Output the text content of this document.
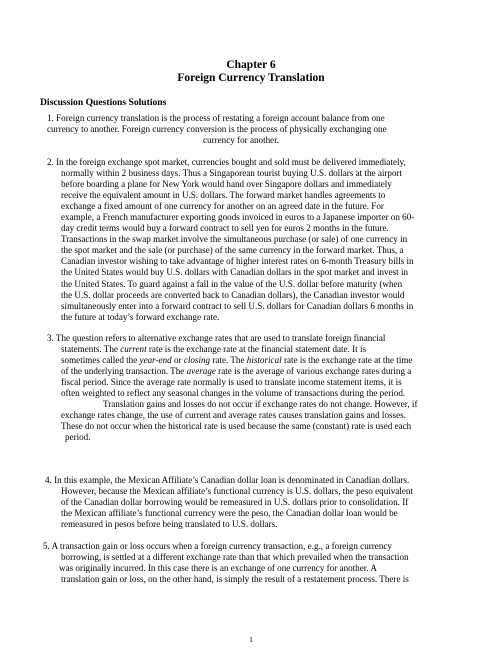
Chapter 6
Foreign Currency Translation
Discussion Questions Solutions
1. Foreign currency translation is the process of restating a foreign account balance from one
currency to another. Foreign currency conversion is the process of physically exchanging one
currency for another.
2. In the foreign exchange spot market, currencies bought and sold must be delivered immediately,
normally within 2 business days. Thus a Singaporean tourist buying U.S. dollars at the airport
before boarding a plane for New York would hand over Singapore dollars and immediately
receive the equivalent amount in U.S. dollars. The forward market handles agreements to
exchange a fixed amount of one currency for another on an agreed date in the future. For
example, a French manufacturer exporting goods invoiced in euros to a Japanese importer on 60-
day credit terms would buy a forward contract to sell yen for euros 2 months in the future.
Transactions in the swap market involve the simultaneous purchase (or sale) of one currency in
the spot market and the sale (or purchase) of the same currency in the forward market. Thus, a
Canadian investor wishing to take advantage of higher interest rates on 6-month Treasury bills in
the United States would buy U.S. dollars with Canadian dollars in the spot market and invest in
the United States. To guard against a fall in the value of the U.S. dollar before maturity (when
the U.S. dollar proceeds are converted back to Canadian dollars), the Canadian investor would
simultaneously enter into a forward contract to sell U.S. dollars for Canadian dollars 6 months in
the future at today’s forward exchange rate.
3. The question refers to alternative exchange rates that are used to translate foreign financial
statements. The current rate is the exchange rate at the financial statement date. It is
sometimes called the year-end or closing rate. The historical rate is the exchange rate at the time
of the underlying transaction. The average rate is the average of various exchange rates during a
fiscal period. Since the average rate normally is used to translate income statement items, it is
often weighted to reflect any seasonal changes in the volume of transactions during the period.
Translation gains and losses do not occur if exchange rates do not change. However, if
exchange rates change, the use of current and average rates causes translation gains and losses.
These do not occur when the historical rate is used because the same (constant) rate is used each
period.
4. In this example, the Mexican Affiliate’s Canadian dollar loan is denominated in Canadian dollars.
However, because the Mexican affiliate’s functional currency is U.S. dollars, the peso equivalent
of the Canadian dollar borrowing would be remeasured in U.S. dollars prior to consolidation. If
the Mexican affiliate’s functional currency were the peso, the Canadian dollar loan would be
remeasured in pesos before being translated to U.S. dollars.
5. A transaction gain or loss occurs when a foreign currency transaction, e.g., a foreign currency
borrowing, is settled at a different exchange rate than that which prevailed when the transaction
was originally incurred. In this case there is an exchange of one currency for another. A
translation gain or loss, on the other hand, is simply the result of a restatement process. There is
1
